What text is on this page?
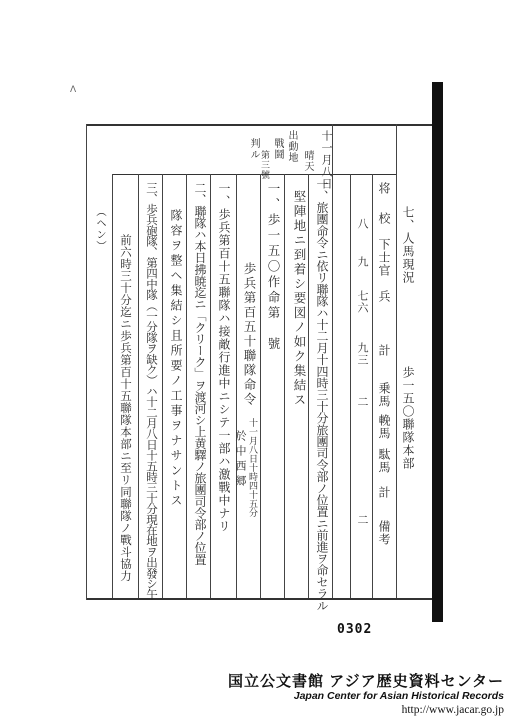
ⴷ
十一月八日
晴天
出動地
戰鬪
第三號
判ル
七、人馬現況
歩一五〇聯隊本部
将
校
下士官
兵
計
乗馬
輓馬
駄馬
計
備考
八
九
七六
九三
二
二
一、旅團命令ニ依リ聯隊ハ十二月十四時三十分旅團司令部ノ位置ニ前進ヲ命セラル
堅陣地ニ到着シ要図ノ如ク集結ス
一、歩一五〇作命第　號
歩兵第百五十聯隊命令
十一月八日十時四十五分
於中西郷
一、歩兵第百十五聯隊ハ接敵行進中ニシテ一部ハ激戰中ナリ
二、聯隊ハ本日拂暁迄ニ「クリーク」ヲ渡河シ上黄驛ノ旅團司令部ノ位置
　隊容ヲ整ヘ集結シ且所要ノ工事ヲナサントス
三、歩兵砲隊、第四中隊（一分隊ヲ缺ク）ハ十二月八日十五時三十分現在地ヲ出發シ午
　前六時三十分迄ニ歩兵第百十五聯隊本部ニ至リ同聯隊ノ戰斗協力
（ヘン）
0302
国立公文書館 アジア歴史資料センター
Japan Center for Asian Historical Records
http://www.jacar.go.jp
